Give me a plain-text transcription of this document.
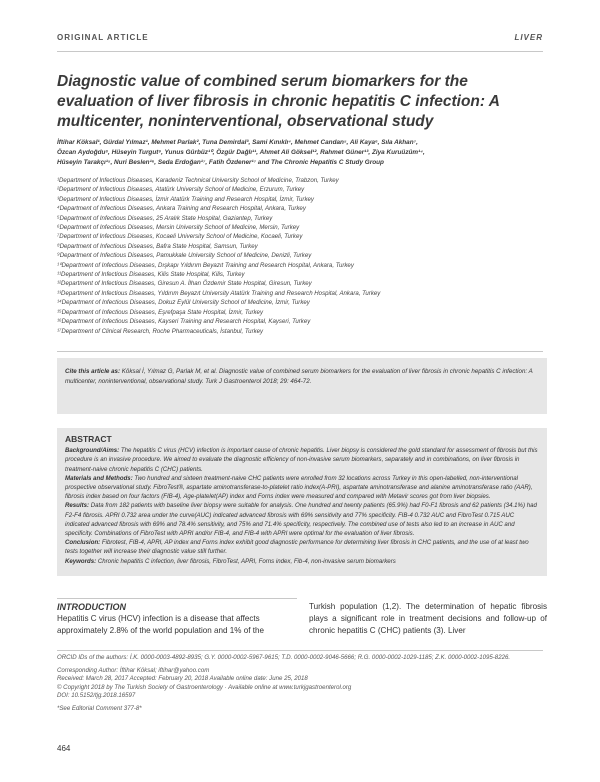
ORIGINAL ARTICLE	LIVER
Diagnostic value of combined serum biomarkers for the evaluation of liver fibrosis in chronic hepatitis C infection: A multicenter, noninterventional, observational study
İftihar Köksal¹, Gürdal Yılmaz¹, Mehmet Parlak², Tuna Demirdal³, Sami Kınıklı⁴, Mehmet Candan⁵, Ali Kaya⁶, Sıla Akhan⁷,
Özcan Aydoğdu⁸, Hüseyin Turgut⁹, Yunus Gürbüz¹⁰, Özgür Dağlı¹¹, Ahmet Ali Göksel¹², Rahmet Güner¹³, Ziya Kuruüzüm¹⁴,
Hüseyin Tarakçı¹⁵, Nuri Beslen¹⁶, Seda Erdoğan¹⁷, Fatih Özdener¹⁷ and The Chronic Hepatitis C Study Group
¹Department of Infectious Diseases, Karadeniz Technical University School of Medicine, Trabzon, Turkey
²Department of Infectious Diseases, Atatürk University School of Medicine, Erzurum, Turkey
³Department of Infectious Diseases, İzmir Atatürk Training and Research Hospital, İzmir, Turkey
⁴Department of Infectious Diseases, Ankara Training and Research Hospital, Ankara, Turkey
⁵Department of Infectious Diseases, 25 Aralık State Hospital, Gaziantep, Turkey
⁶Department of Infectious Diseases, Mersin University School of Medicine, Mersin, Turkey
⁷Department of Infectious Diseases, Kocaeli University School of Medicine, Kocaeli, Turkey
⁸Department of Infectious Diseases, Bafra State Hospital, Samsun, Turkey
⁹Department of Infectious Diseases, Pamukkale University School of Medicine, Denizli, Turkey
¹⁰Department of Infectious Diseases, Dışkapı Yıldırım Beyazıt Training and Research Hospital, Ankara, Turkey
¹¹Department of Infectious Diseases, Kilis State Hospital, Kilis, Turkey
¹²Department of Infectious Diseases, Giresun A. İlhan Özdemir State Hospital, Giresun, Turkey
¹³Department of Infectious Diseases, Yıldırım Beyazıt University Atatürk Training and Research Hospital, Ankara, Turkey
¹⁴Department of Infectious Diseases, Dokuz Eylül University School of Medicine, İzmir, Turkey
¹⁵Department of Infectious Diseases, Eşrefpaşa State Hospital, İzmir, Turkey
¹⁶Department of Infectious Diseases, Kayseri Training and Research Hospital, Kayseri, Turkey
¹⁷Department of Clinical Research, Roche Pharmaceuticals, İstanbul, Turkey
Cite this article as: Köksal İ, Yılmaz G, Parlak M, et al. Diagnostic value of combined serum biomarkers for the evaluation of liver fibrosis in chronic hepatitis C infection: A multicenter, noninterventional, observational study. Turk J Gastroenterol 2018; 29: 464-72.
ABSTRACT
Background/Aims: The hepatitis C virus (HCV) infection is important cause of chronic hepatitis. Liver biopsy is considered the gold standard for assessment of fibrosis but this procedure is an invasive procedure. We aimed to evaluate the diagnostic efficiency of non-invasive serum biomarkers, separately and in combinations, on liver fibrosis in treatment-naive chronic hepatitis C (CHC) patients.
Materials and Methods: Two hundred and sixteen treatment-naive CHC patients were enrolled from 32 locations across Turkey in this open-labelled, non-interventional prospective observational study. FibroTest®, aspartate aminotransferase-to-platelet ratio index(A-PRI), aspartate aminotransferase and alanine aminotransferase ratio (AAR), fibrosis index based on four factors (FIB-4), Age-platelet(AP) index and Forns index were measured and compared with Metavir scores got from liver biopsies.
Results: Data from 182 patients with baseline liver biopsy were suitable for analysis. One hundred and twenty patients (65.9%) had F0-F1 fibrosis and 62 patients (34.1%) had F2-F4 fibrosis. APRI 0.732 area under the curve(AUC) indicated advanced fibrosis with 69% sensitivity and 77% specificity. FIB-4 0.732 AUC and FibroTest 0.715 AUC indicated advanced fibrosis with 69% and 78.4% sensitivity, and 75% and 71.4% specificity, respectively. The combined use of tests also led to an increase in AUC and specificity. Combinations of FibroTest with APRI and/or FIB-4, and FIB-4 with APRI were optimal for the evaluation of liver fibrosis.
Conclusion: Fibrotest, FIB-4, APRI, AP index and Forns index exhibit good diagnostic performance for determining liver fibrosis in CHC patients, and the use of at least two tests together will increase their diagnostic value still further.
Keywords: Chronic hepatitis C infection, liver fibrosis, FibroTest, APRI, Forns index, Fib-4, non-invasive serum biomarkers
INTRODUCTION
Hepatitis C virus (HCV) infection is a disease that affects approximately 2.8% of the world population and 1% of the
Turkish population (1,2). The determination of hepatic fibrosis plays a significant role in treatment decisions and follow-up of chronic hepatitis C (CHC) patients (3). Liver

ORCID IDs of the authors: İ.K. 0000-0003-4892-8935; G.Y. 0000-0002-5967-9615; T.D. 0000-0002-9046-5666; R.G. 0000-0002-1029-1185; Z.K. 0000-0002-1095-8226.

Corresponding Author: İftihar Köksal; iftihar@yahoo.com

Received: March 28, 2017 Accepted: February 20, 2018 Available online date: June 25, 2018

© Copyright 2018 by The Turkish Society of Gastroenterology · Available online at www.turkjgastroenterol.org

DOI: 10.5152/tjg.2018.16597

*See Editorial Comment 377-8*

464
